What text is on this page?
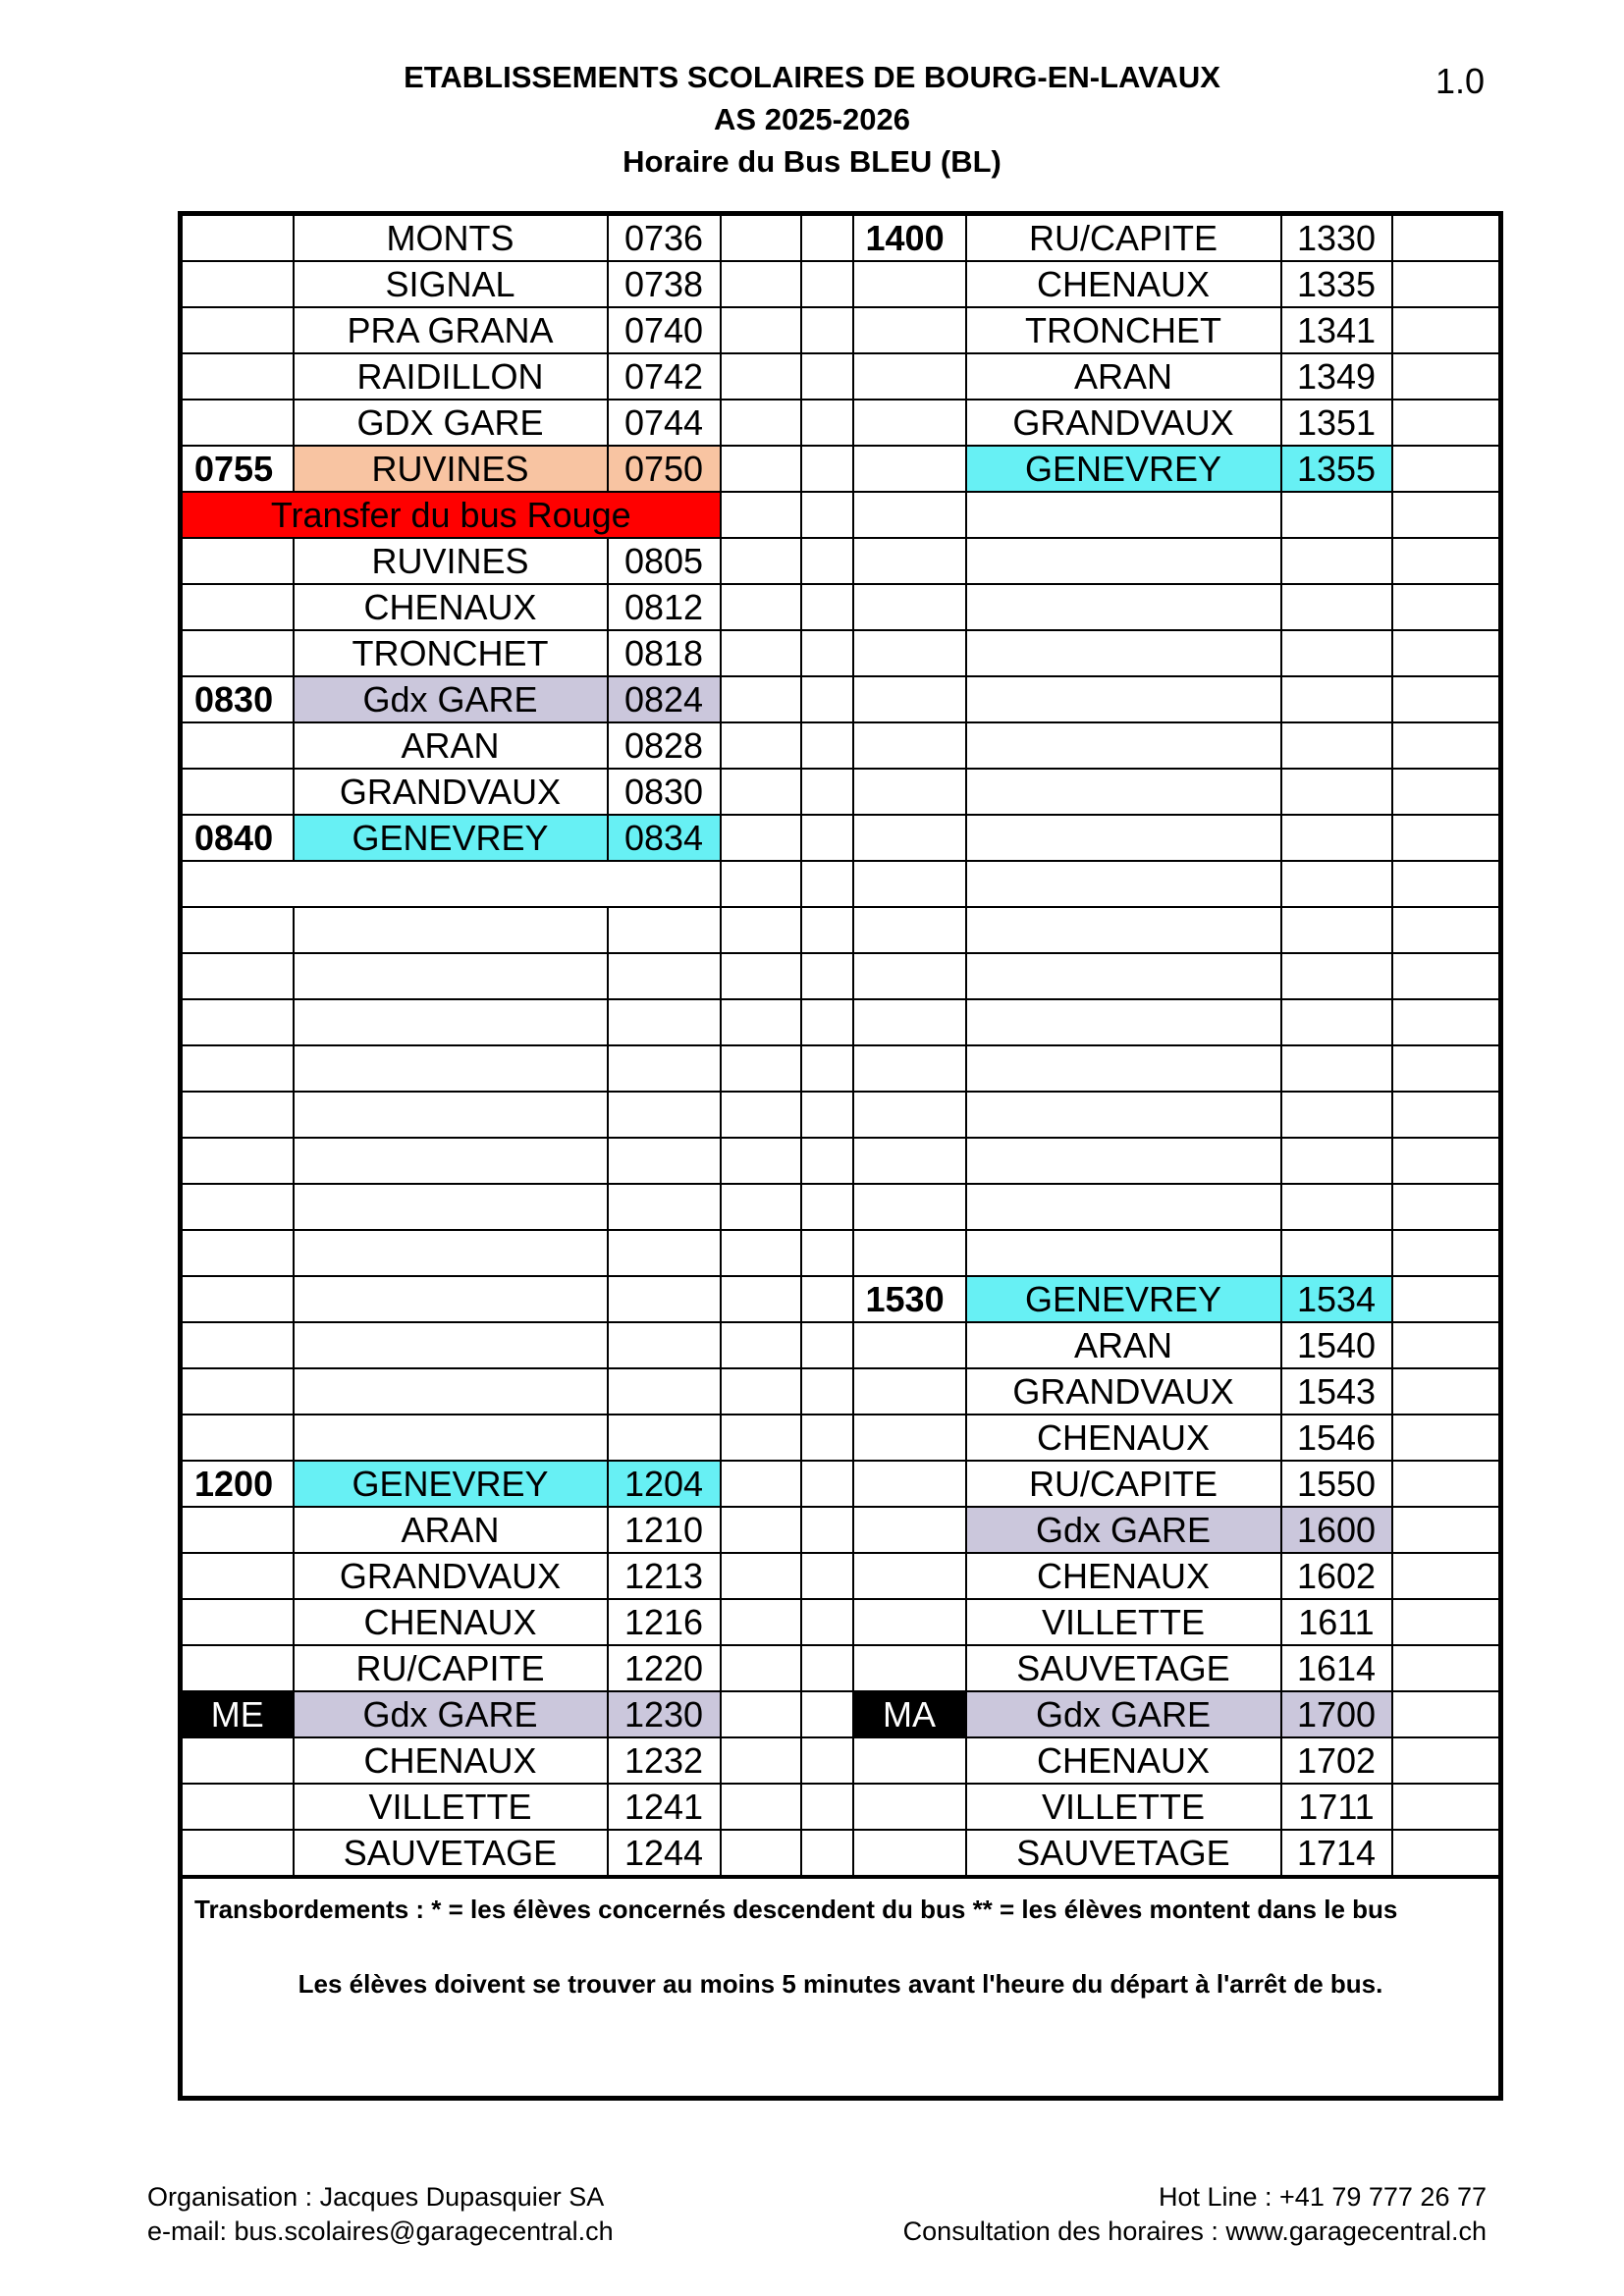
ETABLISSEMENTS SCOLAIRES DE BOURG-EN-LAVAUX
AS 2025-2026
Horaire du Bus BLEU (BL)
1.0
	MONTS	0736			1400	RU/CAPITE	1330	
	SIGNAL	0738				CHENAUX	1335	
	PRA GRANA	0740				TRONCHET	1341	
	RAIDILLON	0742				ARAN	1349	
	GDX GARE	0744				GRANDVAUX	1351	
0755	RUVINES	0750				GENEVREY	1355	
Transfer du bus Rouge								
	RUVINES	0805						
	CHENAUX	0812						
	TRONCHET	0818						
0830	Gdx GARE	0824						
	ARAN	0828						
	GRANDVAUX	0830						
0840	GENEVREY	0834						

					1530	GENEVREY	1534	
						ARAN	1540	
						GRANDVAUX	1543	
						CHENAUX	1546	
1200	GENEVREY	1204				RU/CAPITE	1550	
	ARAN	1210				Gdx GARE	1600	
	GRANDVAUX	1213				CHENAUX	1602	
	CHENAUX	1216				VILLETTE	1611	
	RU/CAPITE	1220				SAUVETAGE	1614	
ME	Gdx GARE	1230			MA	Gdx GARE	1700	
	CHENAUX	1232				CHENAUX	1702	
	VILLETTE	1241				VILLETTE	1711	
	SAUVETAGE	1244				SAUVETAGE	1714	

Transbordements : * = les élèves concernés descendent du bus ** = les élèves montent dans le bus
Les élèves doivent se trouver au moins 5 minutes avant l'heure du départ à l'arrêt de bus.								
Organisation : Jacques Dupasquier SA
e-mail: bus.scolaires@garagecentral.ch
Hot Line : +41 79 777 26 77
Consultation des horaires : www.garagecentral.ch
